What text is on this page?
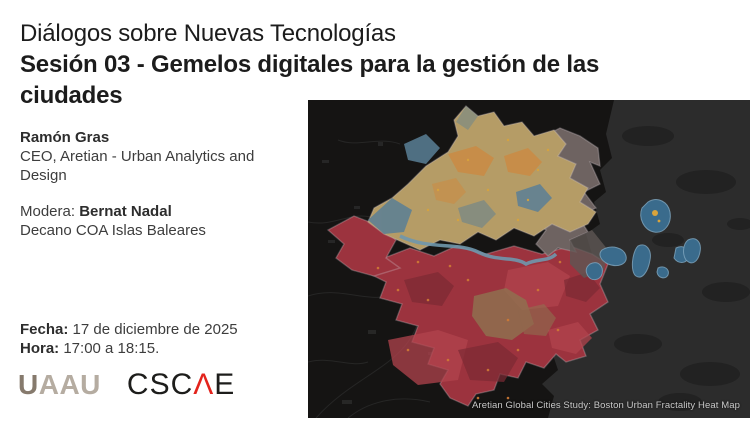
Diálogos sobre Nuevas Tecnologías
Sesión 03 - Gemelos digitales para la gestión de las ciudades
Ramón Gras
CEO, Aretian - Urban Analytics and Design
Modera: Bernat Nadal
Decano COA Islas Baleares
Fecha: 17 de diciembre de 2025
Hora: 17:00 a 18:15.
UAAU CSCΛE
Aretian Global Cities Study: Boston Urban Fractality Heat Map
